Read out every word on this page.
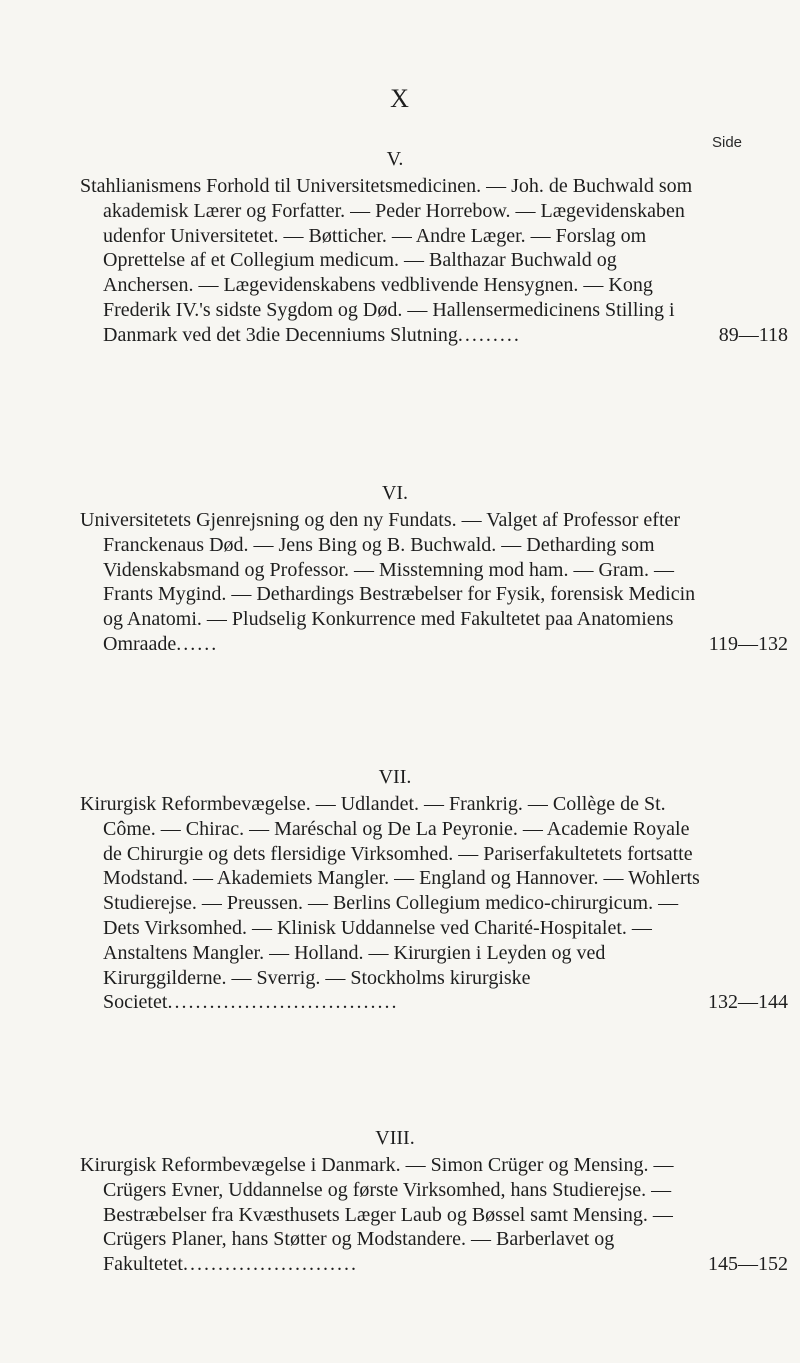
X
Side
V.
Stahlianismens Forhold til Universitetsmedicinen. — Joh. de Buchwald som akademisk Lærer og Forfatter. — Peder Horrebow. — Lægevidenskaben udenfor Universitetet. — Bøtticher. — Andre Læger. — Forslag om Oprettelse af et Collegium medicum. — Balthazar Buchwald og Anchersen. — Lægevidenskabens vedblivende Hensygnen. — Kong Frederik IV.'s sidste Sygdom og Død. — Hallensermedicinens Stilling i Danmark ved det 3die Decenniums Slutning.........	89—118
VI.
Universitetets Gjenrejsning og den ny Fundats. — Valget af Professor efter Franckenaus Død. — Jens Bing og B. Buchwald. — Detharding som Videnskabsmand og Professor. — Misstemning mod ham. — Gram. — Frants Mygind. — Dethardings Bestræbelser for Fysik, forensisk Medicin og Anatomi. — Pludselig Konkurrence med Fakultetet paa Anatomiens Omraade......	119—132
VII.
Kirurgisk Reformbevægelse. — Udlandet. — Frankrig. — Collège de St. Côme. — Chirac. — Maréschal og De La Peyronie. — Academie Royale de Chirurgie og dets flersidige Virksomhed. — Pariserfakultetets fortsatte Modstand. — Akademiets Mangler. — England og Hannover. — Wohlerts Studierejse. — Preussen. — Berlins Collegium medico-chirurgicum. — Dets Virksomhed. — Klinisk Uddannelse ved Charité-Hospitalet. — Anstaltens Mangler. — Holland. — Kirurgien i Leyden og ved Kirurggilderne. — Sverrig. — Stockholms kirurgiske Societet.................................	132—144
VIII.
Kirurgisk Reformbevægelse i Danmark. — Simon Crüger og Mensing. — Crügers Evner, Uddannelse og første Virksomhed, hans Studierejse. — Bestræbelser fra Kvæsthusets Læger Laub og Bøssel samt Mensing. — Crügers Planer, hans Støtter og Modstandere. — Barberlavet og Fakultetet.........................	145—152
